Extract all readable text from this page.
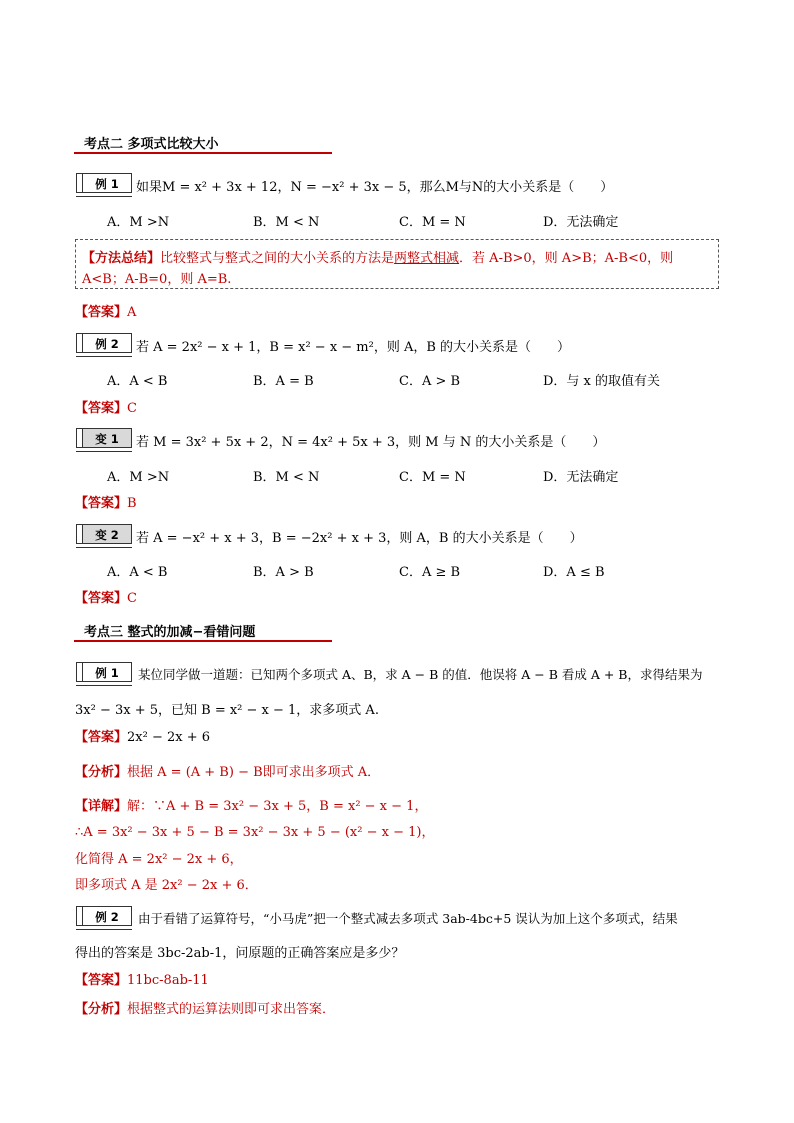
考点二 多项式比较大小
例 1	如果M = x² + 3x + 12，N = −x² + 3x − 5，那么M与N的大小关系是（　　）
A．M >N	B．M < N	C．M = N	D．无法确定
【方法总结】比较整式与整式之间的大小关系的方法是两整式相减．若 A-B>0，则 A>B；A-B<0，则
A<B；A-B=0，则 A=B.
【答案】A
例 2	若 A = 2x² − x + 1，B = x² − x − m²，则 A，B 的大小关系是（　　）
A．A < B	B．A = B	C．A > B	D．与 x 的取值有关
【答案】C
变 1	若 M = 3x² + 5x + 2，N = 4x² + 5x + 3，则 M 与 N 的大小关系是（　　）
A．M >N	B．M < N	C．M = N	D．无法确定
【答案】B
变 2	若 A = −x² + x + 3，B = −2x² + x + 3，则 A，B 的大小关系是（　　）
A．A < B	B．A > B	C．A ≥ B	D．A ≤ B
【答案】C
考点三 整式的加减−看错问题
例 1	某位同学做一道题：已知两个多项式 A、B，求 A − B 的值．他误将 A − B 看成 A + B，求得结果为
3x² − 3x + 5，已知 B = x² − x − 1，求多项式 A.
【答案】2x² − 2x + 6
【分析】根据 A = (A + B) − B即可求出多项式 A．
【详解】解：∵A + B = 3x² − 3x + 5，B = x² − x − 1，
∴A = 3x² − 3x + 5 − B = 3x² − 3x + 5 − (x² − x − 1)，
化简得 A = 2x² − 2x + 6，
即多项式 A 是 2x² − 2x + 6．
例 2	由于看错了运算符号，“小马虎”把一个整式减去多项式 3ab-4bc+5 误认为加上这个多项式，结果
得出的答案是 3bc-2ab-1，问原题的正确答案应是多少？
【答案】11bc-8ab-11
【分析】根据整式的运算法则即可求出答案．
